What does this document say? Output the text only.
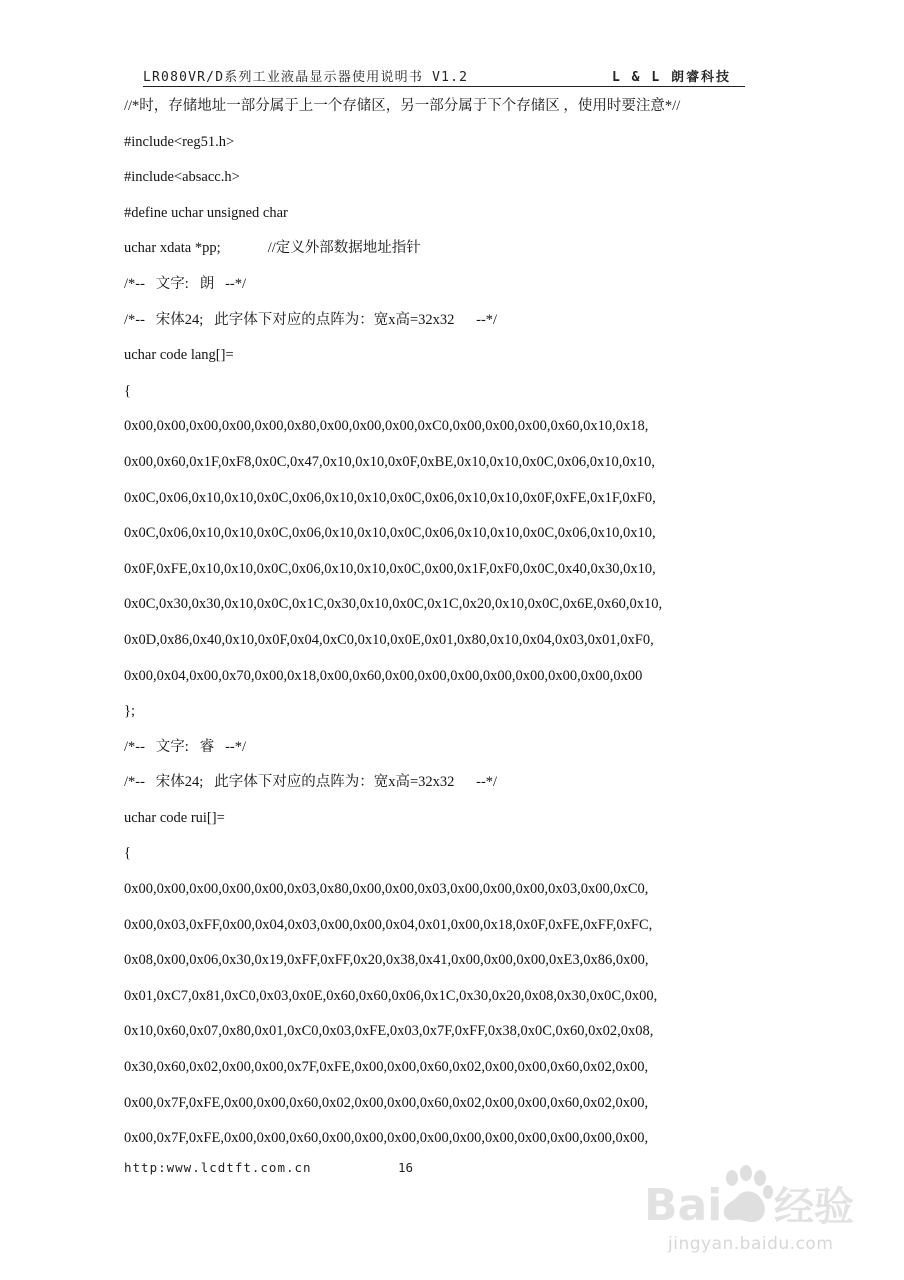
LR080VR/D系列工业液晶显示器使用说明书 V1.2	L & L 朗睿科技
//*时，存储地址一部分属于上一个存储区，另一部分属于下个存储区 ，使用时要注意*//
#include<reg51.h>
#include<absacc.h>
#define uchar unsigned char
uchar xdata *pp;             //定义外部数据地址指针
/*--   文字:   朗   --*/
/*--   宋体24;   此字体下对应的点阵为：宽x高=32x32      --*/
uchar code lang[]=
{
0x00,0x00,0x00,0x00,0x00,0x80,0x00,0x00,0x00,0xC0,0x00,0x00,0x00,0x60,0x10,0x18,
0x00,0x60,0x1F,0xF8,0x0C,0x47,0x10,0x10,0x0F,0xBE,0x10,0x10,0x0C,0x06,0x10,0x10,
0x0C,0x06,0x10,0x10,0x0C,0x06,0x10,0x10,0x0C,0x06,0x10,0x10,0x0F,0xFE,0x1F,0xF0,
0x0C,0x06,0x10,0x10,0x0C,0x06,0x10,0x10,0x0C,0x06,0x10,0x10,0x0C,0x06,0x10,0x10,
0x0F,0xFE,0x10,0x10,0x0C,0x06,0x10,0x10,0x0C,0x00,0x1F,0xF0,0x0C,0x40,0x30,0x10,
0x0C,0x30,0x30,0x10,0x0C,0x1C,0x30,0x10,0x0C,0x1C,0x20,0x10,0x0C,0x6E,0x60,0x10,
0x0D,0x86,0x40,0x10,0x0F,0x04,0xC0,0x10,0x0E,0x01,0x80,0x10,0x04,0x03,0x01,0xF0,
0x00,0x04,0x00,0x70,0x00,0x18,0x00,0x60,0x00,0x00,0x00,0x00,0x00,0x00,0x00,0x00
};
/*--   文字:   睿   --*/
/*--   宋体24;   此字体下对应的点阵为：宽x高=32x32      --*/
uchar code rui[]=
{
0x00,0x00,0x00,0x00,0x00,0x03,0x80,0x00,0x00,0x03,0x00,0x00,0x00,0x03,0x00,0xC0,
0x00,0x03,0xFF,0x00,0x04,0x03,0x00,0x00,0x04,0x01,0x00,0x18,0x0F,0xFE,0xFF,0xFC,
0x08,0x00,0x06,0x30,0x19,0xFF,0xFF,0x20,0x38,0x41,0x00,0x00,0x00,0xE3,0x86,0x00,
0x01,0xC7,0x81,0xC0,0x03,0x0E,0x60,0x60,0x06,0x1C,0x30,0x20,0x08,0x30,0x0C,0x00,
0x10,0x60,0x07,0x80,0x01,0xC0,0x03,0xFE,0x03,0x7F,0xFF,0x38,0x0C,0x60,0x02,0x08,
0x30,0x60,0x02,0x00,0x00,0x7F,0xFE,0x00,0x00,0x60,0x02,0x00,0x00,0x60,0x02,0x00,
0x00,0x7F,0xFE,0x00,0x00,0x60,0x02,0x00,0x00,0x60,0x02,0x00,0x00,0x60,0x02,0x00,
0x00,0x7F,0xFE,0x00,0x00,0x60,0x00,0x00,0x00,0x00,0x00,0x00,0x00,0x00,0x00,0x00,
http:www.lcdtft.com.cn	16
Bai 经验
jingyan.baidu.com
